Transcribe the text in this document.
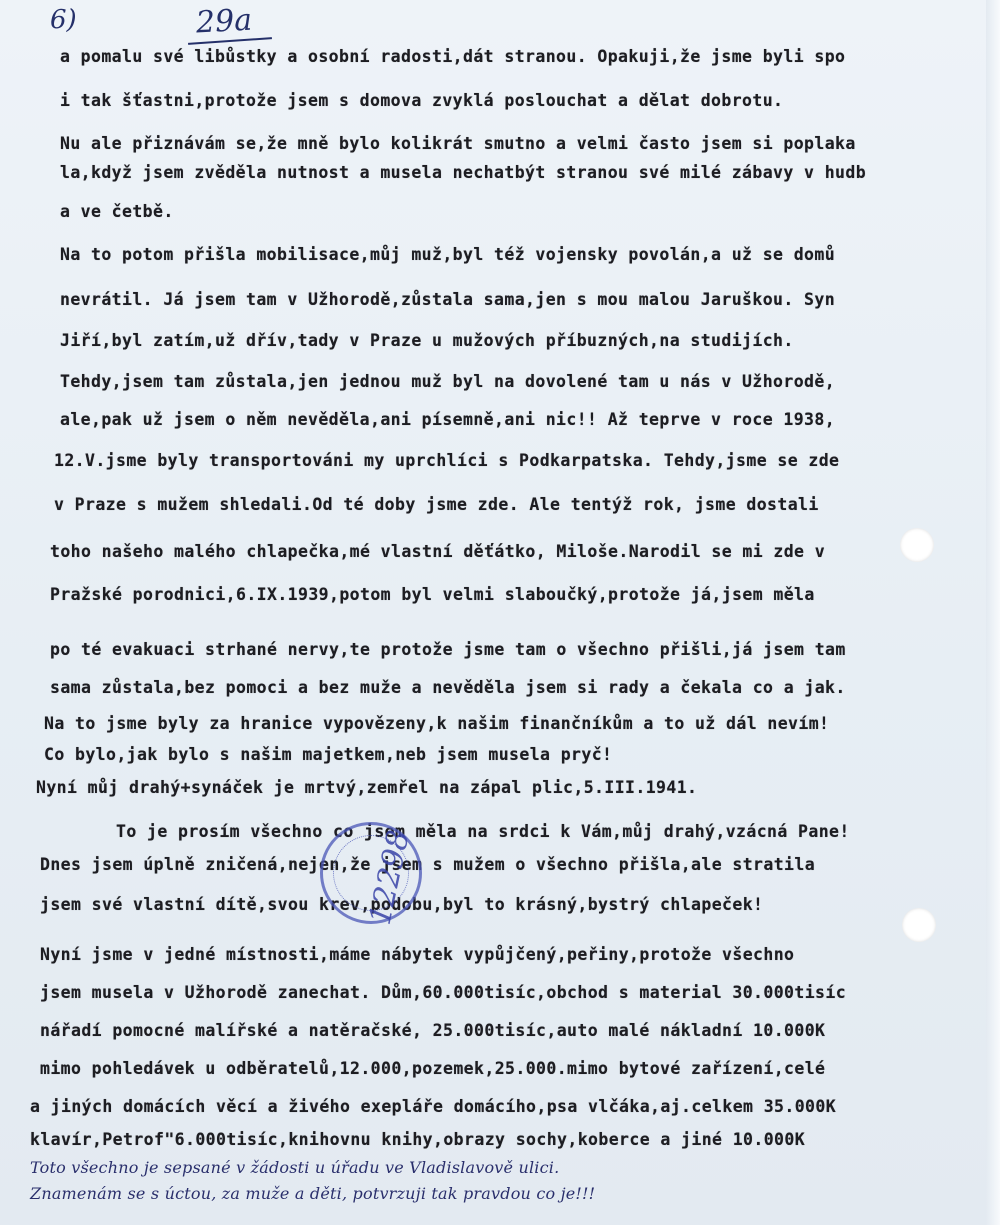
6)	29a
a pomalu své libůstky a osobní radosti,dát stranou. Opakuji,že jsme byli spo
i tak šťastni,protože jsem s domova zvyklá poslouchat a dělat dobrotu.
Nu ale přiznávám se,že mně bylo kolikrát smutno a velmi často jsem si poplaka
la,když jsem zvěděla nutnost a musela nechatbýt stranou své milé zábavy v hudb
a ve četbě.
Na to potom přišla mobilisace,můj muž,byl též vojensky povolán,a už se domů
nevrátil. Já jsem tam v Užhorodě,zůstala sama,jen s mou malou Jaruškou. Syn
Jiří,byl zatím,už dřív,tady v Praze u mužových příbuzných,na studijích.
Tehdy,jsem tam zůstala,jen jednou muž byl na dovolené tam u nás v Užhorodě,
ale,pak už jsem o něm nevěděla,ani písemně,ani nic!! Až teprve v roce 1938,
12.V.jsme byly transportováni my uprchlíci s Podkarpatska. Tehdy,jsme se zde
v Praze s mužem shledali.Od té doby jsme zde. Ale tentýž rok, jsme dostali
toho našeho malého chlapečka,mé vlastní děťátko, Miloše.Narodil se mi zde v
Pražské porodnici,6.IX.1939,potom byl velmi slaboučký,protože já,jsem měla
po té evakuaci strhané nervy,te protože jsme tam o všechno přišli,já jsem tam
sama zůstala,bez pomoci a bez muže a nevěděla jsem si rady a čekala co a jak.
Na to jsme byly za hranice vypovězeny,k našim finančníkům a to už dál nevím!
Co bylo,jak bylo s našim majetkem,neb jsem musela pryč!
Nyní můj drahý+synáček je mrtvý,zemřel na zápal plic,5.III.1941.
To je prosím všechno co jsem měla na srdci k Vám,můj drahý,vzácná Pane!
Dnes jsem úplně zničená,nejen,že jsem s mužem o všechno přišla,ale stratila
jsem své vlastní dítě,svou krev,podobu,byl to krásný,bystrý chlapeček!
Nyní jsme v jedné místnosti,máme nábytek vypůjčený,peřiny,protože všechno
jsem musela v Užhorodě zanechat. Dům,60.000tisíc,obchod s material 30.000tisíc
nářadí pomocné malířské a natěračské, 25.000tisíc,auto malé nákladní 10.000K
mimo pohledávek u odběratelů,12.000,pozemek,25.000.mimo bytové zařízení,celé
a jiných domácích věcí a živého exepláře domácího,psa vlčáka,aj.celkem 35.000K
klavír,Petrof"6.000tisíc,knihovnu knihy,obrazy sochy,koberce a jiné 10.000K
Toto všechno je sepsané v žádosti u úřadu ve Vladislavově ulici.
Znamenám se s úctou, za muže a děti, potvrzuji tak pravdou co je!!!
12298
